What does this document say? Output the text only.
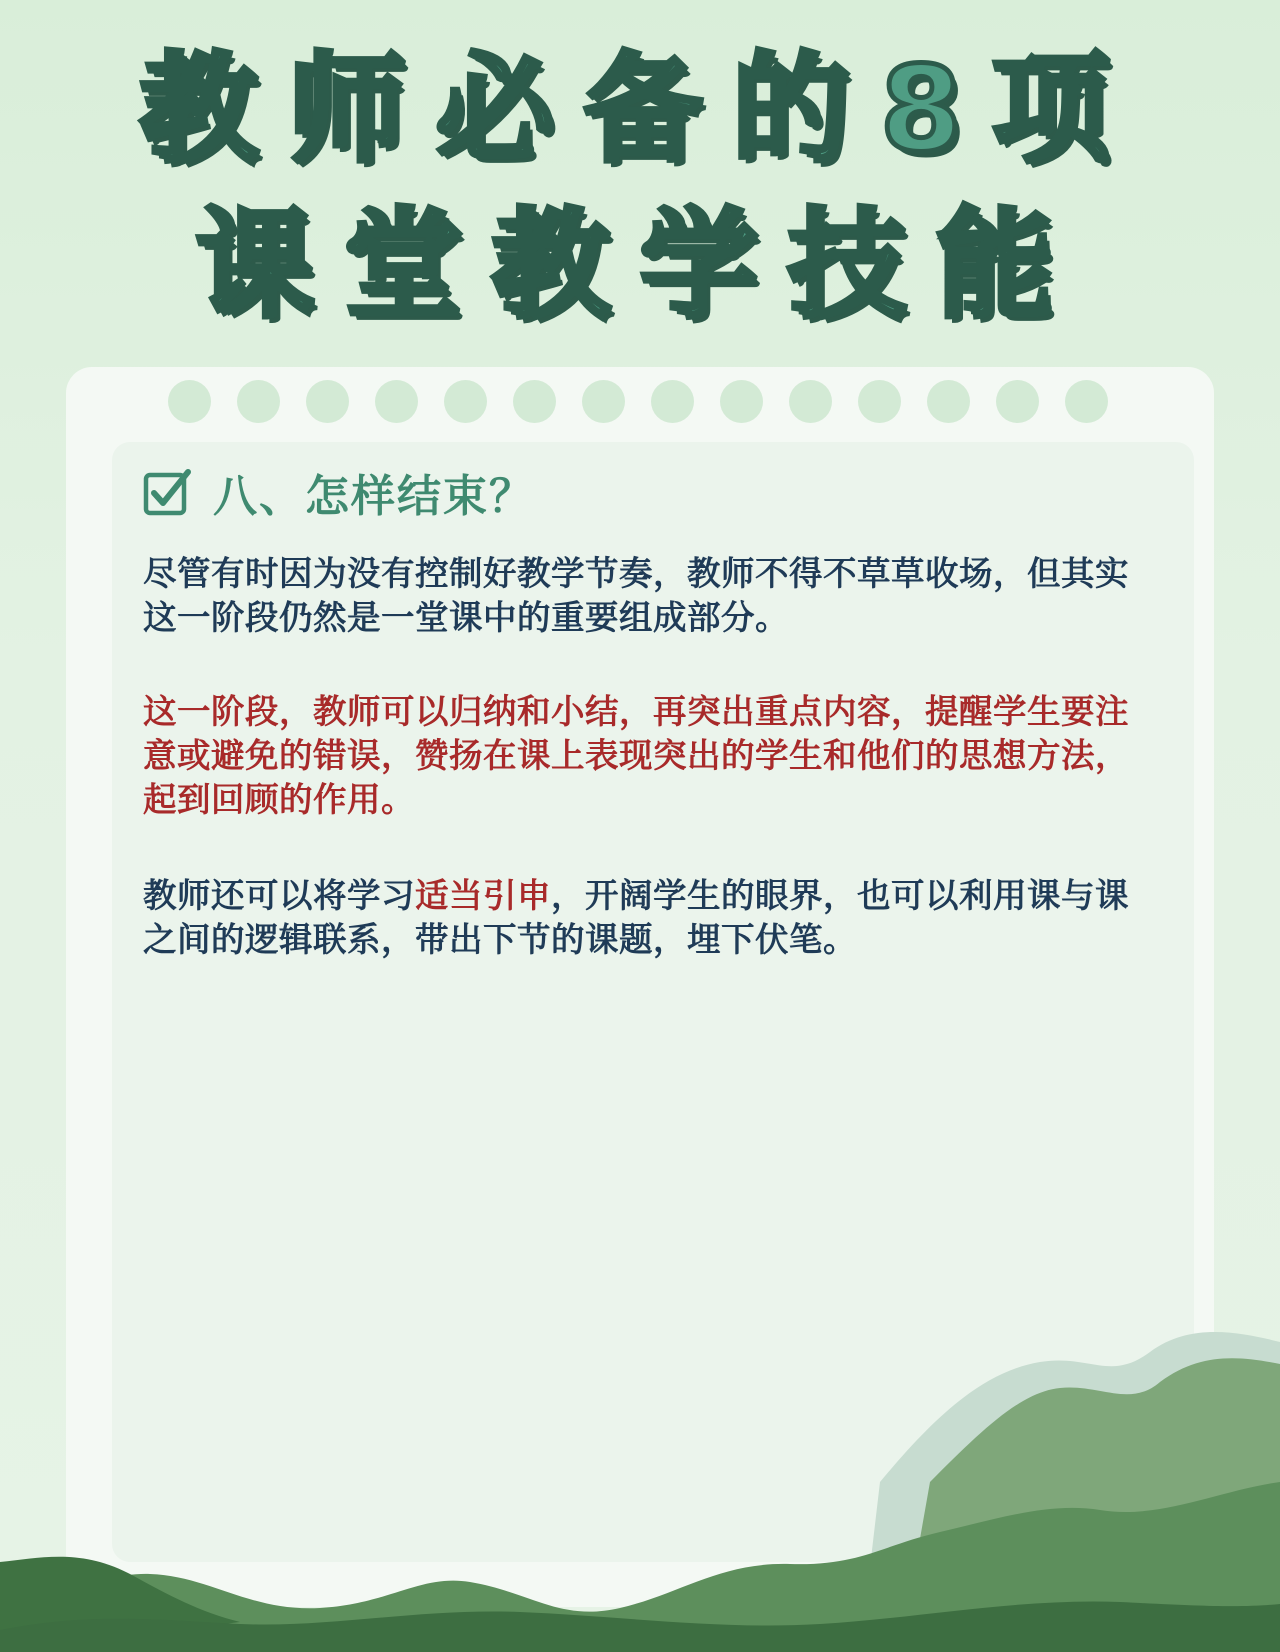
教师必备的8项
课堂教学技能
八、怎样结束？

尽管有时因为没有控制好教学节奏，教师不得不草草收场，但其实这一阶段仍然是一堂课中的重要组成部分。

这一阶段，教师可以归纳和小结，再突出重点内容，提醒学生要注意或避免的错误，赞扬在课上表现突出的学生和他们的思想方法，起到回顾的作用。

教师还可以将学习适当引申，开阔学生的眼界，也可以利用课与课之间的逻辑联系，带出下节的课题，埋下伏笔。
